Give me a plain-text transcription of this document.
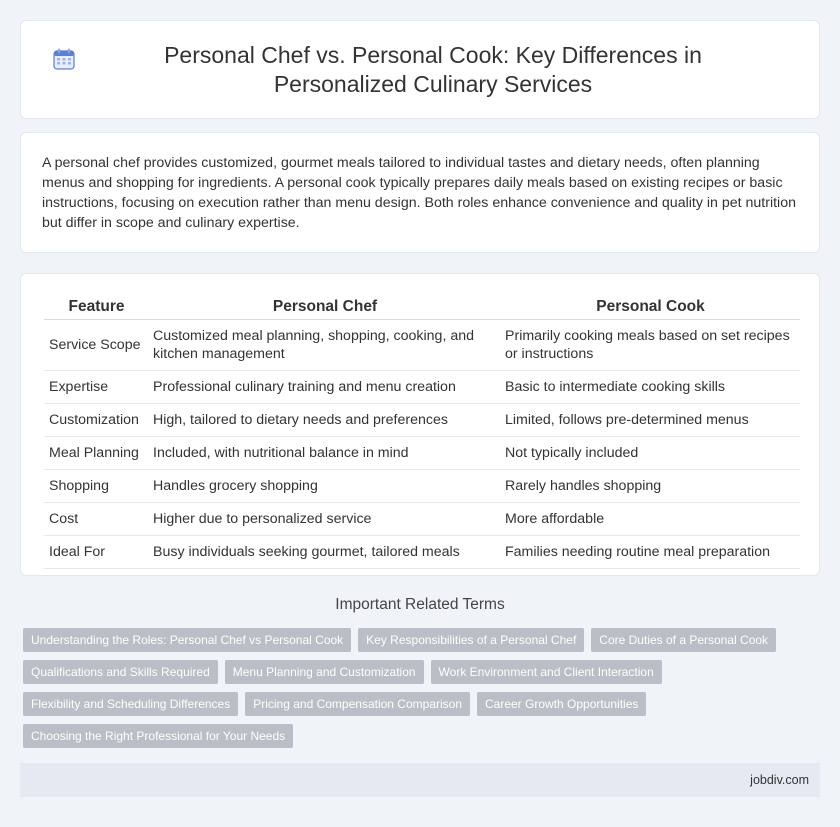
Personal Chef vs. Personal Cook: Key Differences in Personalized Culinary Services

A personal chef provides customized, gourmet meals tailored to individual tastes and dietary needs, often planning menus and shopping for ingredients. A personal cook typically prepares daily meals based on existing recipes or basic instructions, focusing on execution rather than menu design. Both roles enhance convenience and quality in pet nutrition but differ in scope and culinary expertise.

Feature	Personal Chef	Personal Cook
Service Scope	Customized meal planning, shopping, cooking, and kitchen management	Primarily cooking meals based on set recipes or instructions
Expertise	Professional culinary training and menu creation	Basic to intermediate cooking skills
Customization	High, tailored to dietary needs and preferences	Limited, follows pre-determined menus
Meal Planning	Included, with nutritional balance in mind	Not typically included
Shopping	Handles grocery shopping	Rarely handles shopping
Cost	Higher due to personalized service	More affordable
Ideal For	Busy individuals seeking gourmet, tailored meals	Families needing routine meal preparation
Important Related Terms
Understanding the Roles: Personal Chef vs Personal Cook	Key Responsibilities of a Personal Chef	Core Duties of a Personal Cook
Qualifications and Skills Required	Menu Planning and Customization	Work Environment and Client Interaction
Flexibility and Scheduling Differences	Pricing and Compensation Comparison	Career Growth Opportunities
Choosing the Right Professional for Your Needs
jobdiv.com
